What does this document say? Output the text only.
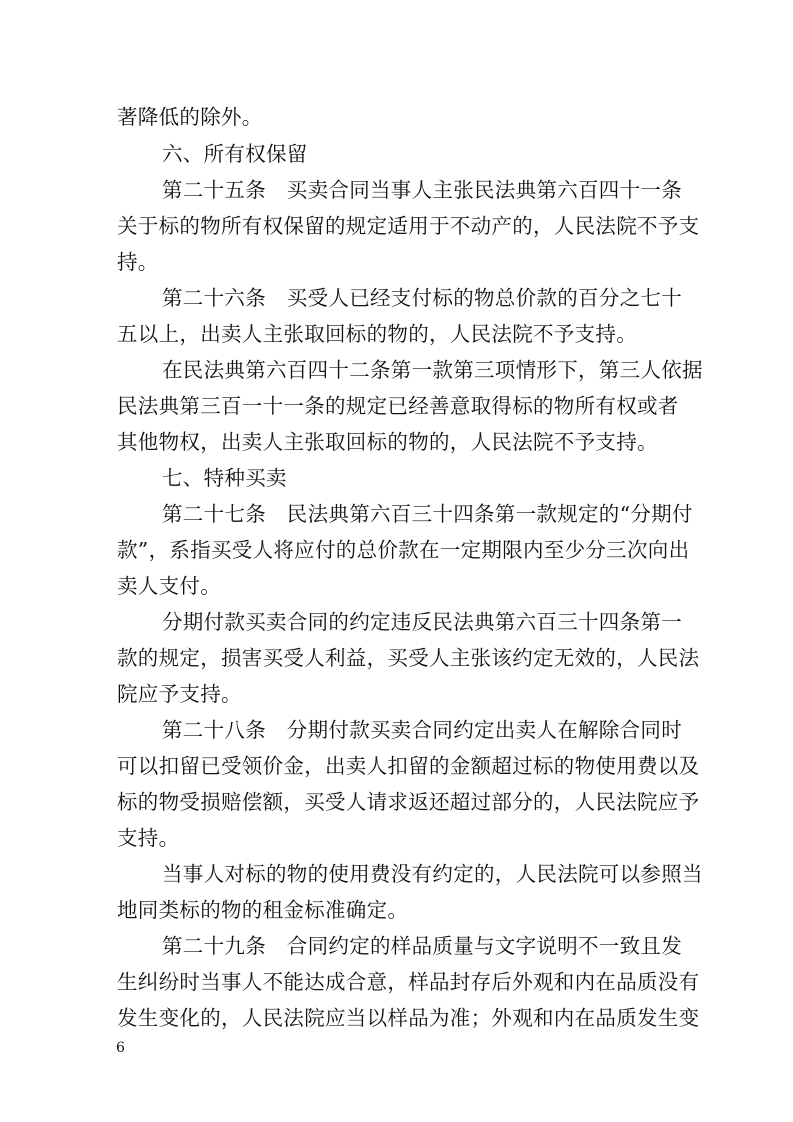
著降低的除外。
六、所有权保留
第二十五条　买卖合同当事人主张民法典第六百四十一条
关于标的物所有权保留的规定适用于不动产的，人民法院不予支
持。
第二十六条　买受人已经支付标的物总价款的百分之七十
五以上，出卖人主张取回标的物的，人民法院不予支持。
在民法典第六百四十二条第一款第三项情形下，第三人依据
民法典第三百一十一条的规定已经善意取得标的物所有权或者
其他物权，出卖人主张取回标的物的，人民法院不予支持。
七、特种买卖
第二十七条　民法典第六百三十四条第一款规定的“分期付
款”，系指买受人将应付的总价款在一定期限内至少分三次向出
卖人支付。
分期付款买卖合同的约定违反民法典第六百三十四条第一
款的规定，损害买受人利益，买受人主张该约定无效的，人民法
院应予支持。
第二十八条　分期付款买卖合同约定出卖人在解除合同时
可以扣留已受领价金，出卖人扣留的金额超过标的物使用费以及
标的物受损赔偿额，买受人请求返还超过部分的，人民法院应予
支持。
当事人对标的物的使用费没有约定的，人民法院可以参照当
地同类标的物的租金标准确定。
第二十九条　合同约定的样品质量与文字说明不一致且发
生纠纷时当事人不能达成合意，样品封存后外观和内在品质没有
发生变化的，人民法院应当以样品为准；外观和内在品质发生变
6
